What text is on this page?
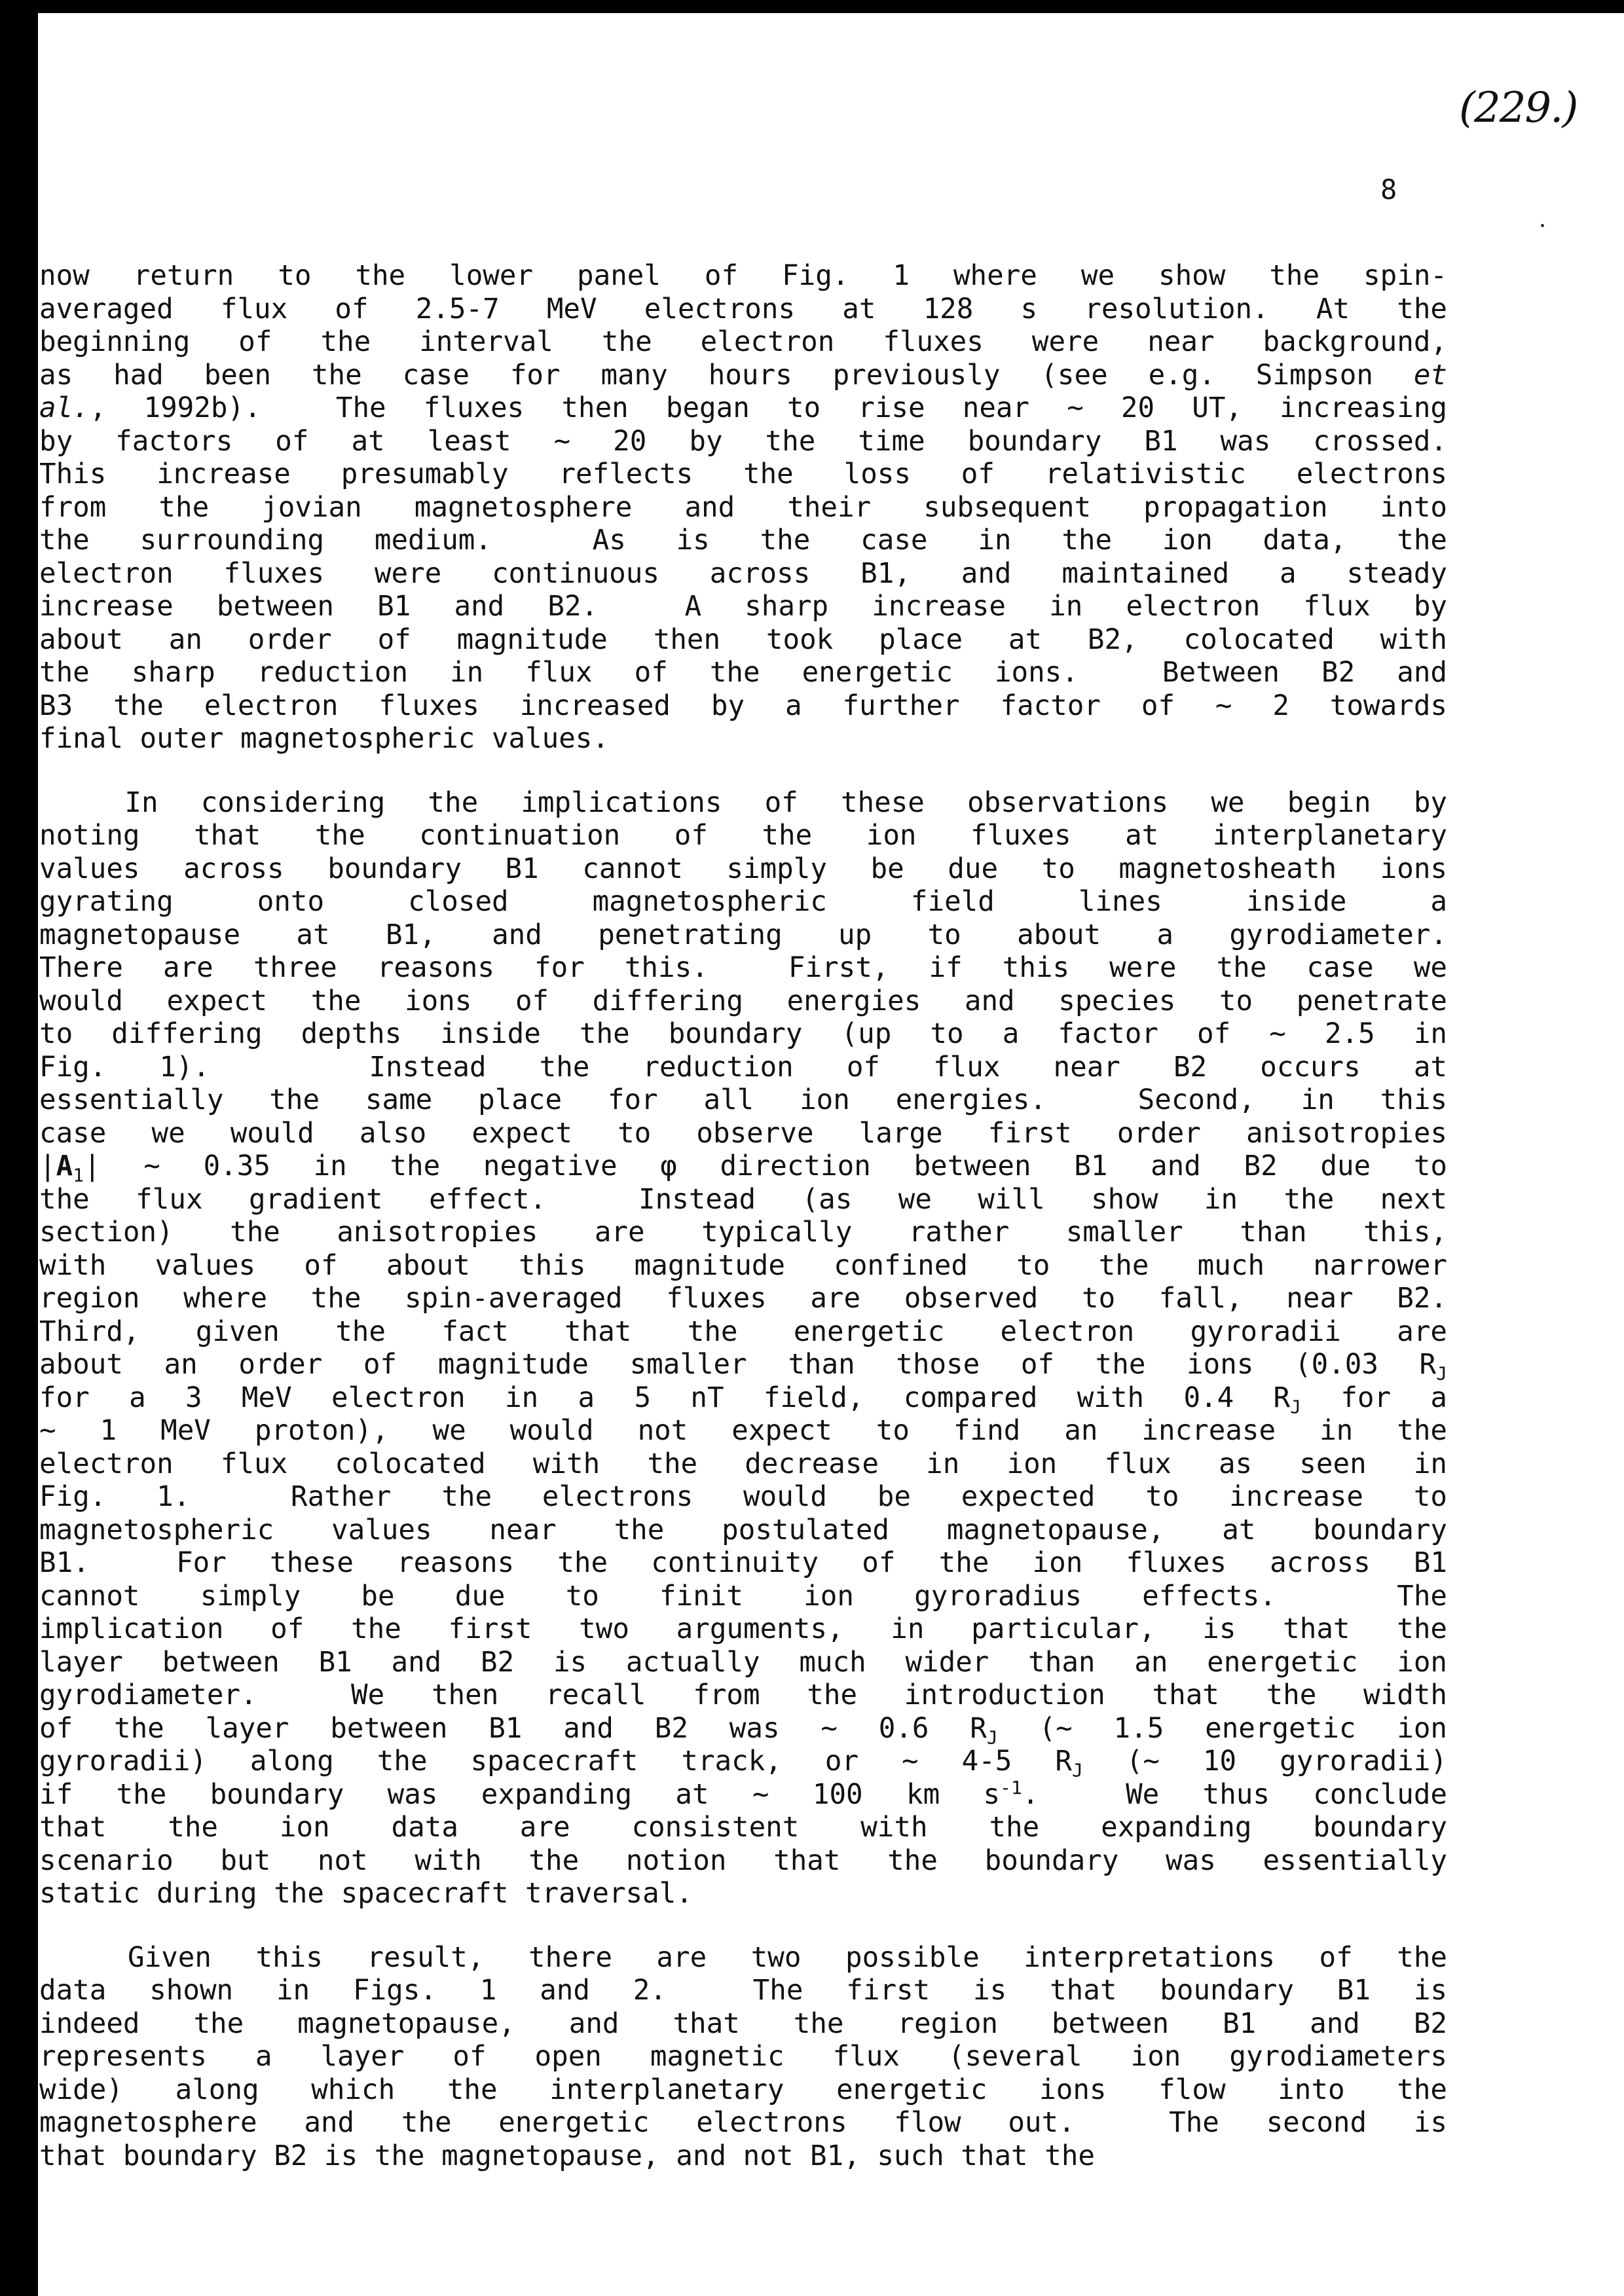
(229.)
8
now return to the lower panel of Fig. 1 where we show the spin-
averaged flux of 2.5-7 MeV electrons at 128 s resolution. At the
beginning of the interval the electron fluxes were near background,
as had been the case for many hours previously (see e.g. Simpson et
al., 1992b).  The fluxes then began to rise near ~ 20 UT, increasing
by factors of at least ~ 20 by the time boundary B1 was crossed.
This increase presumably reflects the loss of relativistic electrons
from the jovian magnetosphere and their subsequent propagation into
the surrounding medium.  As is the case in the ion data, the
electron fluxes were continuous across B1, and maintained a steady
increase between B1 and B2.  A sharp increase in electron flux by
about an order of magnitude then took place at B2, colocated with
the sharp reduction in flux of the energetic ions.  Between B2 and
B3 the electron fluxes increased by a further factor of ~ 2 towards
final outer magnetospheric values.
In considering the implications of these observations we begin by
noting that the continuation of the ion fluxes at interplanetary
values across boundary B1 cannot simply be due to magnetosheath ions
gyrating onto closed magnetospheric field lines inside a
magnetopause at B1, and penetrating up to about a gyrodiameter.
There are three reasons for this.  First, if this were the case we
would expect the ions of differing energies and species to penetrate
to differing depths inside the boundary (up to a factor of ~ 2.5 in
Fig. 1).   Instead the reduction of flux near B2 occurs at
essentially the same place for all ion energies.  Second, in this
case we would also expect to observe large first order anisotropies
$|A_1|$ ~ 0.35 in the negative φ direction between B1 and B2 due to
the flux gradient effect.  Instead (as we will show in the next
section) the anisotropies are typically rather smaller than this,
with values of about this magnitude confined to the much narrower
region where the spin-averaged fluxes are observed to fall, near B2.
Third, given the fact that the energetic electron gyroradii are
about an order of magnitude smaller than those of the ions (0.03 $R_J$
for a 3 MeV electron in a 5 nT field, compared with 0.4 $R_J$ for a
~ 1 MeV proton), we would not expect to find an increase in the
electron flux colocated with the decrease in ion flux as seen in
Fig. 1.  Rather the electrons would be expected to increase to
magnetospheric values near the postulated magnetopause, at boundary
B1.  For these reasons the continuity of the ion fluxes across B1
cannot simply be due to finit ion gyroradius effects.  The
implication of the first two arguments, in particular, is that the
layer between B1 and B2 is actually much wider than an energetic ion
gyrodiameter.  We then recall from the introduction that the width
of the layer between B1 and B2 was ~ 0.6 $R_J$ (~ 1.5 energetic ion
gyroradii) along the spacecraft track, or ~ 4-5 $R_J$ (~ 10 gyroradii)
if the boundary was expanding at ~ 100 km $s^{-1}$.  We thus conclude
that the ion data are consistent with the expanding boundary
scenario but not with the notion that the boundary was essentially
static during the spacecraft traversal.
Given this result, there are two possible interpretations of the
data shown in Figs. 1 and 2.  The first is that boundary B1 is
indeed the magnetopause, and that the region between B1 and B2
represents a layer of open magnetic flux (several ion gyrodiameters
wide) along which the interplanetary energetic ions flow into the
magnetosphere and the energetic electrons flow out.  The second is
that boundary B2 is the magnetopause, and not B1, such that the
